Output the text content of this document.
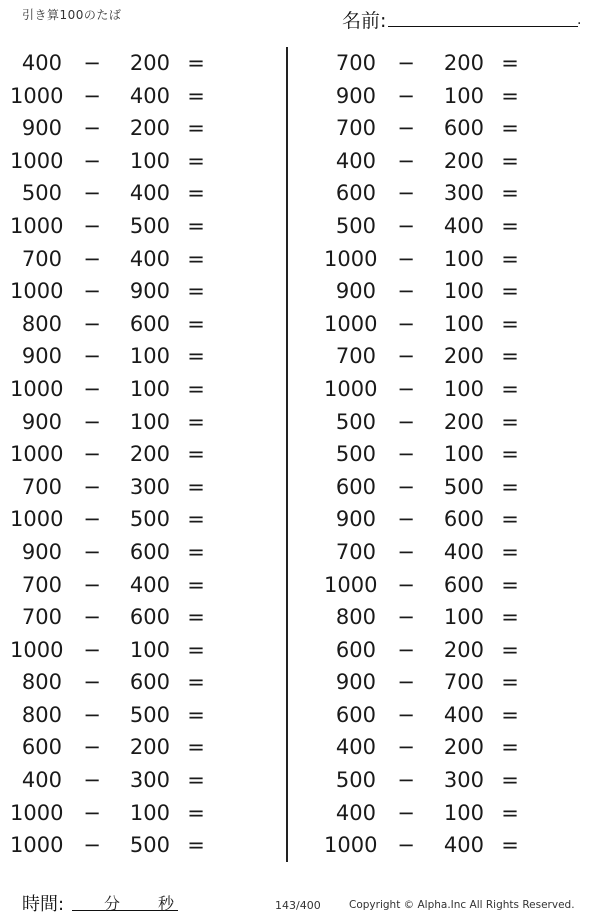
引き算100のたば	名前:	.
400 −	200 =
1000 −	400 =
900 −	200 =
1000 −	100 =
500 −	400 =
1000 −	500 =
700 −	400 =
1000 −	900 =
800 −	600 =
900 −	100 =
1000 −	100 =
900 −	100 =
1000 −	200 =
700 −	300 =
1000 −	500 =
900 −	600 =
700 −	400 =
700 −	600 =
1000 −	100 =
800 −	600 =
800 −	500 =
600 −	200 =
400 −	300 =
1000 −	100 =
1000 −	500 =
700 −	200 =
900 −	100 =
700 −	600 =
400 −	200 =
600 −	300 =
500 −	400 =
1000 −	100 =
900 −	100 =
1000 −	100 =
700 −	200 =
1000 −	100 =
500 −	200 =
500 −	100 =
600 −	500 =
900 −	600 =
700 −	400 =
1000 −	600 =
800 −	100 =
600 −	200 =
900 −	700 =
600 −	400 =
400 −	200 =
500 −	300 =
400 −	100 =
1000 −	400 =
時間: 分 秒	143/400	Copyright © Alpha.Inc All Rights Reserved.
